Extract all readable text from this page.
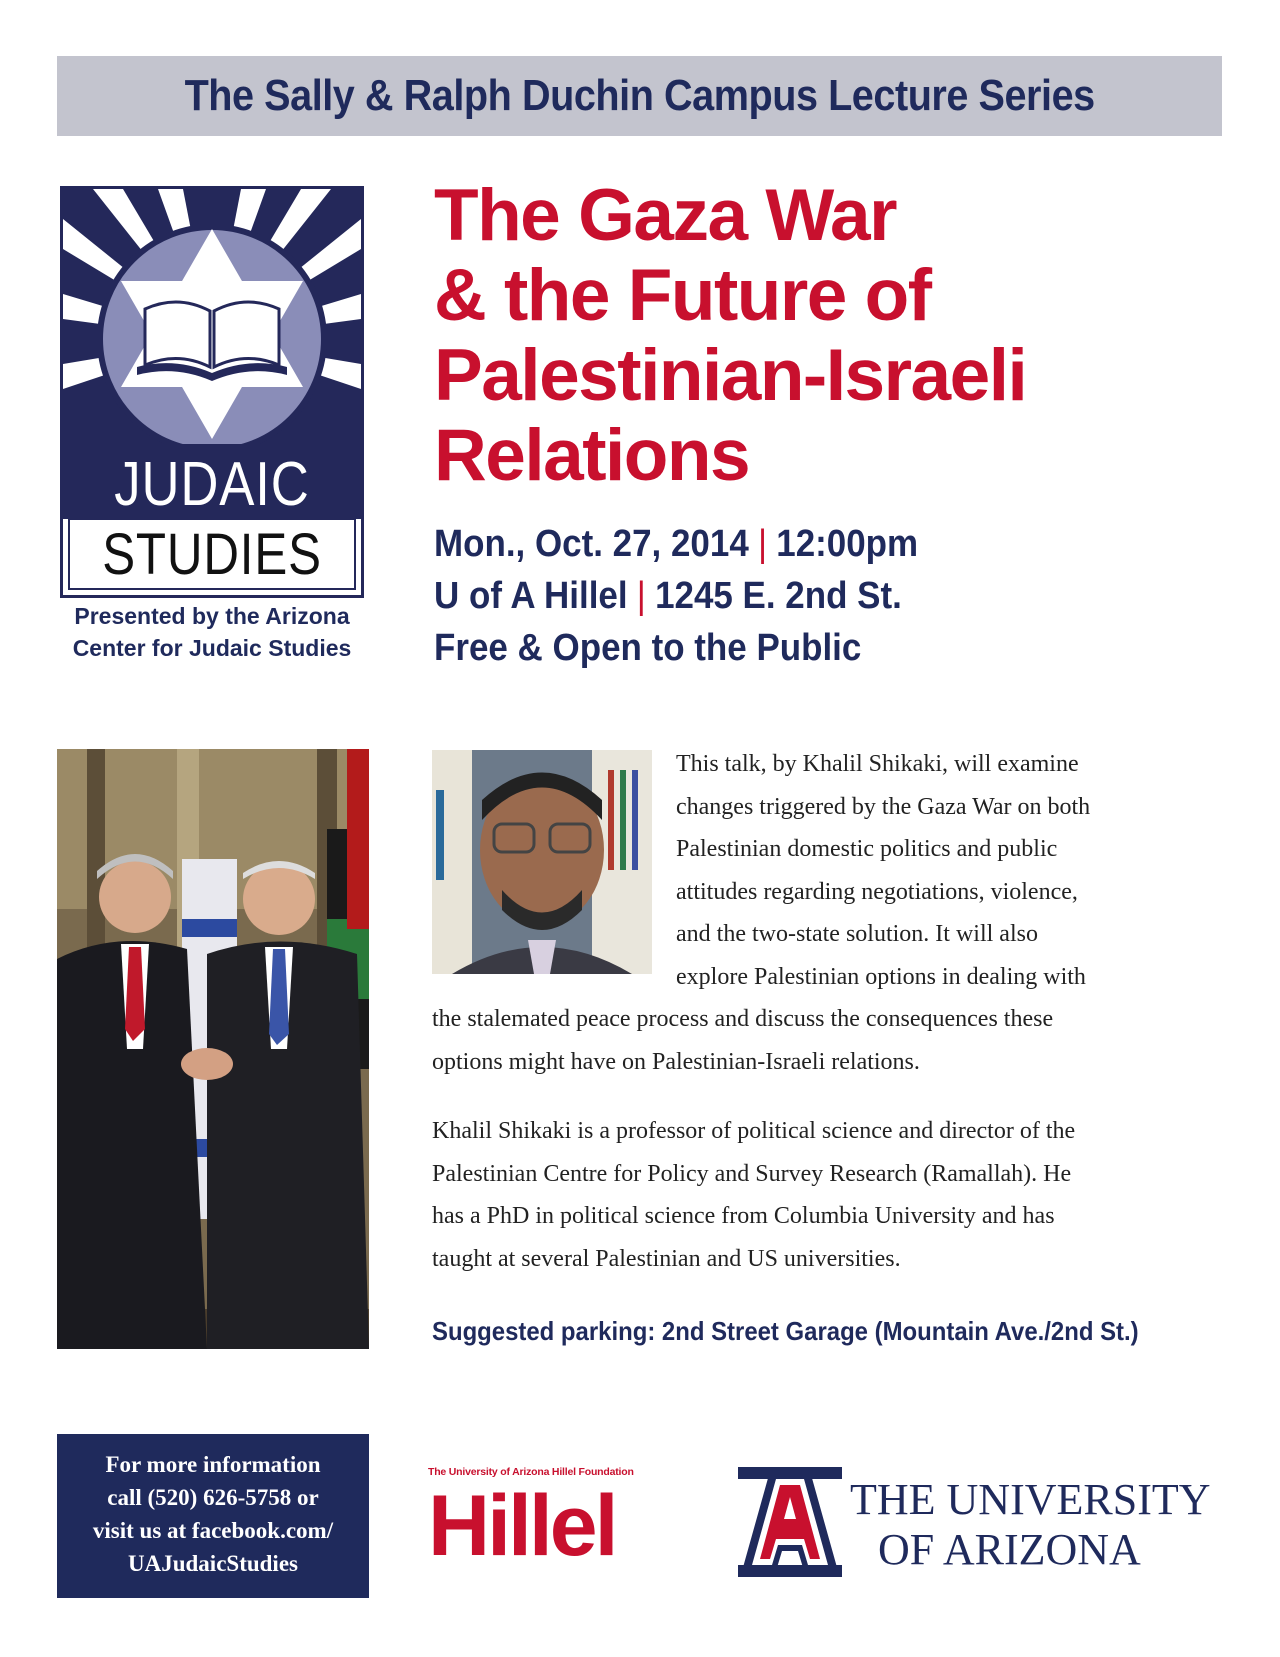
The Sally & Ralph Duchin Campus Lecture Series
JUDAIC
STUDIES
Presented by the Arizona
Center for Judaic Studies
The Gaza War
& the Future of
Palestinian-Israeli
Relations
Mon., Oct. 27, 2014 | 12:00pm
U of A Hillel | 1245 E. 2nd St.
Free & Open to the Public
This talk, by Khalil Shikaki, will examine
changes triggered by the Gaza War on both
Palestinian domestic politics and public
attitudes regarding negotiations, violence,
and the two-state solution. It will also
explore Palestinian options in dealing with
the stalemated peace process and discuss the consequences these
options might have on Palestinian-Israeli relations.
Khalil Shikaki is a professor of political science and director of the
Palestinian Centre for Policy and Survey Research (Ramallah). He
has a PhD in political science from Columbia University and has
taught at several Palestinian and US universities.
Suggested parking: 2nd Street Garage (Mountain Ave./2nd St.)
For more information
call (520) 626-5758 or
visit us at facebook.com/
UAJudaicStudies
The University of Arizona Hillel Foundation
Hillel	THE UNIVERSITY
OF ARIZONA
